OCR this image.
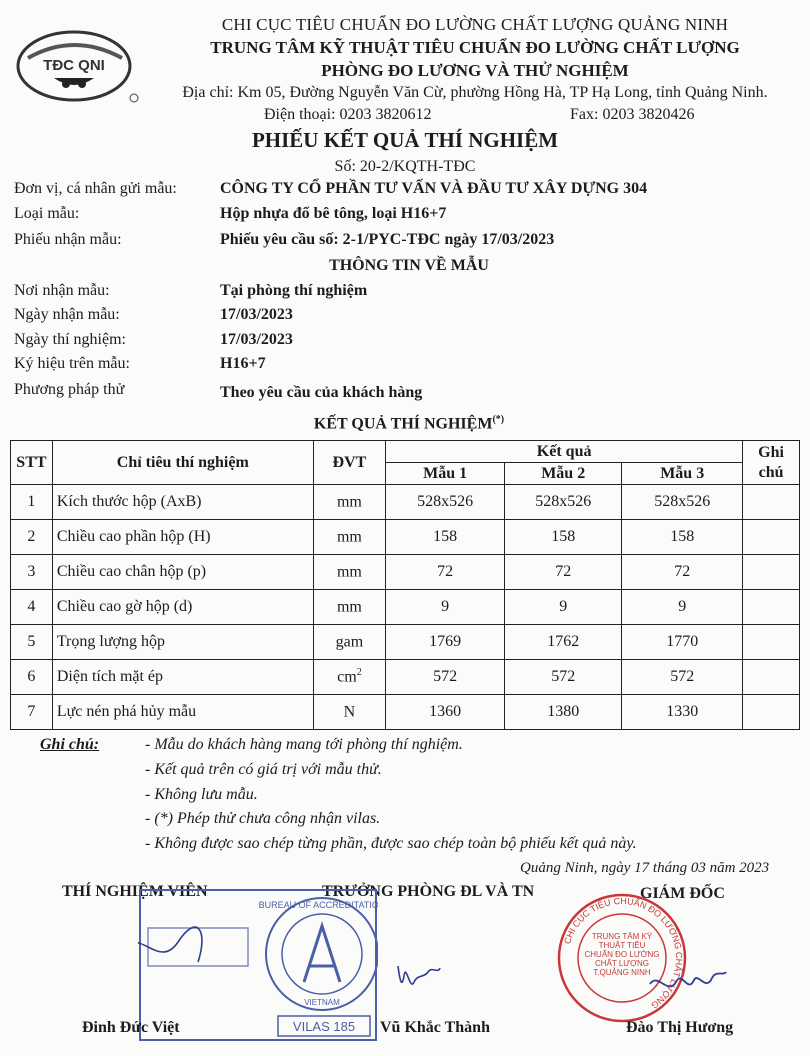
TĐC QNI
CHI CỤC TIÊU CHUẨN ĐO LƯỜNG CHẤT LƯỢNG QUẢNG NINH
TRUNG TÂM KỸ THUẬT TIÊU CHUẨN ĐO LƯỜNG CHẤT LƯỢNG
PHÒNG ĐO LƯƠNG VÀ THỬ NGHIỆM
Địa chỉ: Km 05, Đường Nguyễn Văn Cừ, phường Hồng Hà, TP Hạ Long, tỉnh Quảng Ninh.
Điện thoại: 0203 3820612	Fax: 0203 3820426
PHIẾU KẾT QUẢ THÍ NGHIỆM
Số: 20-2/KQTH-TĐC
Đơn vị, cá nhân gửi mẫu:	CÔNG TY CỔ PHẦN TƯ VẤN VÀ ĐẦU TƯ XÂY DỰNG 304
Loại mẫu:	Hộp nhựa đổ bê tông, loại H16+7
Phiếu nhận mẫu:	Phiếu yêu cầu số: 2-1/PYC-TĐC ngày 17/03/2023
THÔNG TIN VỀ MẪU
Nơi nhận mẫu:	Tại phòng thí nghiệm
Ngày nhận mẫu:	17/03/2023
Ngày thí nghiệm:	17/03/2023
Ký hiệu trên mẫu:	H16+7
Phương pháp thử	Theo yêu cầu của khách hàng
KẾT QUẢ THÍ NGHIỆM(*)
STT	Chỉ tiêu thí nghiệm	ĐVT	Kết quả			Ghi
chú
			Mẫu 1	Mẫu 2	Mẫu 3	
1	Kích thước hộp (AxB)	mm	528x526	528x526	528x526	
2	Chiều cao phần hộp (H)	mm	158	158	158	
3	Chiều cao chân hộp (p)	mm	72	72	72	
4	Chiều cao gờ hộp (d)	mm	9	9	9	
5	Trọng lượng hộp	gam	1769	1762	1770	
6	Diện tích mặt ép	$cm^2$	572	572	572	
7	Lực nén phá hủy mẫu	N	1360	1380	1330	
Ghi chú:	- Mẫu do khách hàng mang tới phòng thí nghiệm.
- Kết quả trên có giá trị với mẫu thử.
- Không lưu mẫu.
- (*) Phép thử chưa công nhận vilas.
- Không được sao chép từng phần, được sao chép toàn bộ phiếu kết quả này.
Quảng Ninh, ngày 17 tháng 03 năm 2023
THÍ NGHIỆM VIÊN	TRƯỞNG PHÒNG ĐL VÀ TN	GIÁM ĐỐC
BUREAU OF ACCREDITATION
VIETNAM
VILAS 185
CHI CỤC TIÊU CHUẨN ĐO LƯỜNG CHẤT LƯỢNG
TRUNG TÂM KỸ THUẬT TIÊU CHUẨN ĐO LƯỜNG CHẤT LƯỢNG T.QUẢNG NINH
Đinh Đức Việt	Vũ Khắc Thành	Đào Thị Hương
